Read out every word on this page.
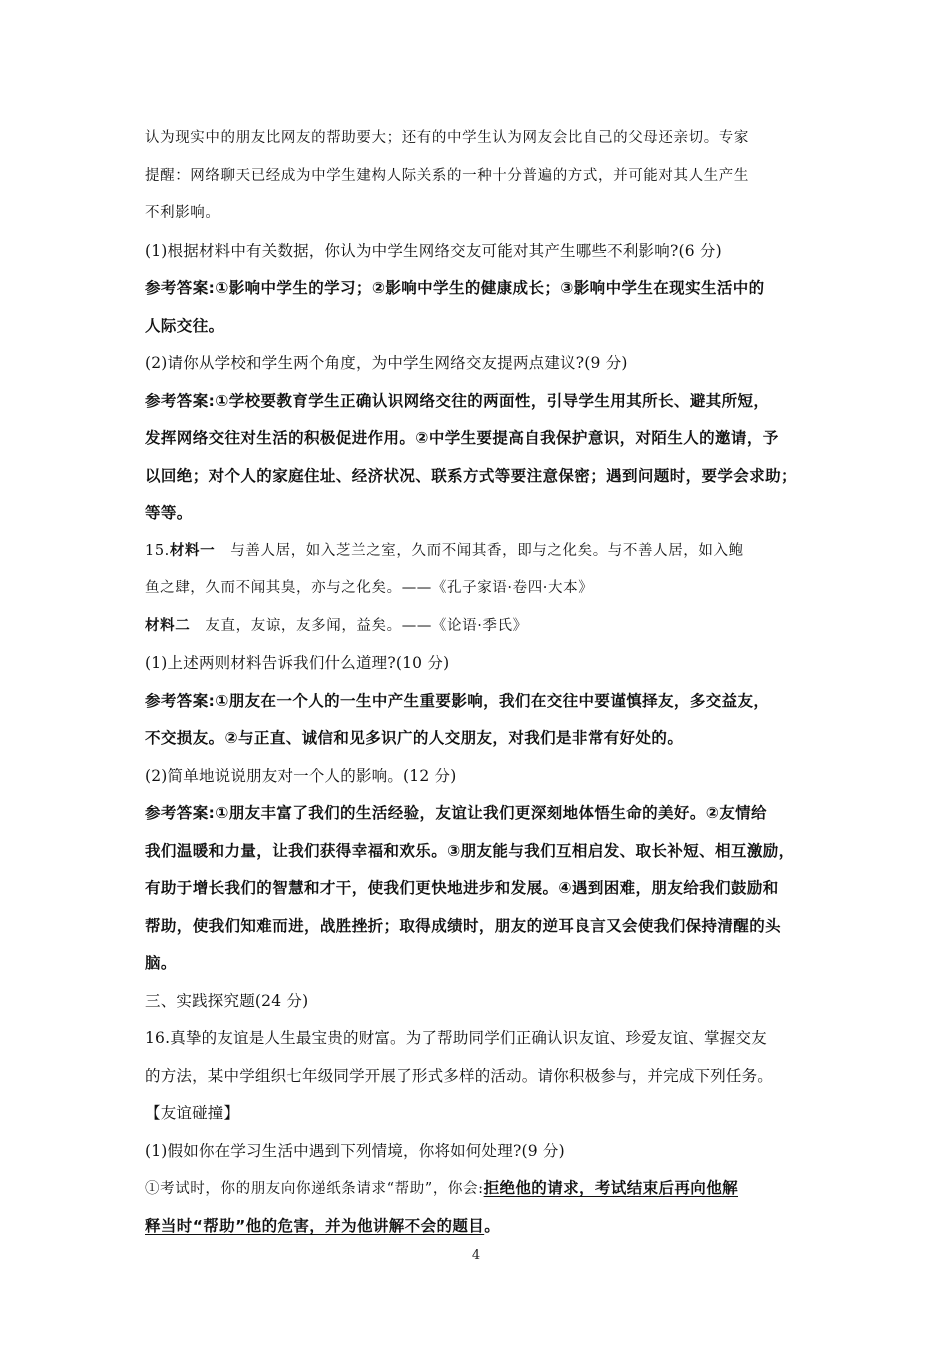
认为现实中的朋友比网友的帮助要大；还有的中学生认为网友会比自己的父母还亲切。专家
提醒：网络聊天已经成为中学生建构人际关系的一种十分普遍的方式，并可能对其人生产生
不利影响。
(1)根据材料中有关数据，你认为中学生网络交友可能对其产生哪些不利影响?(6 分)
参考答案:①影响中学生的学习；②影响中学生的健康成长；③影响中学生在现实生活中的
人际交往。
(2)请你从学校和学生两个角度，为中学生网络交友提两点建议?(9 分)
参考答案:①学校要教育学生正确认识网络交往的两面性，引导学生用其所长、避其所短，
发挥网络交往对生活的积极促进作用。②中学生要提高自我保护意识，对陌生人的邀请，予
以回绝；对个人的家庭住址、经济状况、联系方式等要注意保密；遇到问题时，要学会求助；
等等。
15.材料一　 与善人居，如入芝兰之室，久而不闻其香，即与之化矣。与不善人居，如入鲍
鱼之肆，久而不闻其臭，亦与之化矣。——《孔子家语·卷四·大本》
材料二　 友直，友谅，友多闻，益矣。——《论语·季氏》
(1)上述两则材料告诉我们什么道理?(10 分)
参考答案:①朋友在一个人的一生中产生重要影响，我们在交往中要谨慎择友，多交益友，
不交损友。②与正直、诚信和见多识广的人交朋友，对我们是非常有好处的。
(2)简单地说说朋友对一个人的影响。(12 分)
参考答案:①朋友丰富了我们的生活经验，友谊让我们更深刻地体悟生命的美好。②友情给
我们温暖和力量，让我们获得幸福和欢乐。③朋友能与我们互相启发、取长补短、相互激励，
有助于增长我们的智慧和才干，使我们更快地进步和发展。④遇到困难，朋友给我们鼓励和
帮助，使我们知难而进，战胜挫折；取得成绩时，朋友的逆耳良言又会使我们保持清醒的头
脑。
三、实践探究题(24 分)
16.真挚的友谊是人生最宝贵的财富。为了帮助同学们正确认识友谊、珍爱友谊、掌握交友
的方法，某中学组织七年级同学开展了形式多样的活动。请你积极参与，并完成下列任务。
【友谊碰撞】
(1)假如你在学习生活中遇到下列情境，你将如何处理?(9 分)
①考试时，你的朋友向你递纸条请求“帮助”，你会:拒绝他的请求，考试结束后再向他解
释当时“帮助”他的危害，并为他讲解不会的题目。
4
